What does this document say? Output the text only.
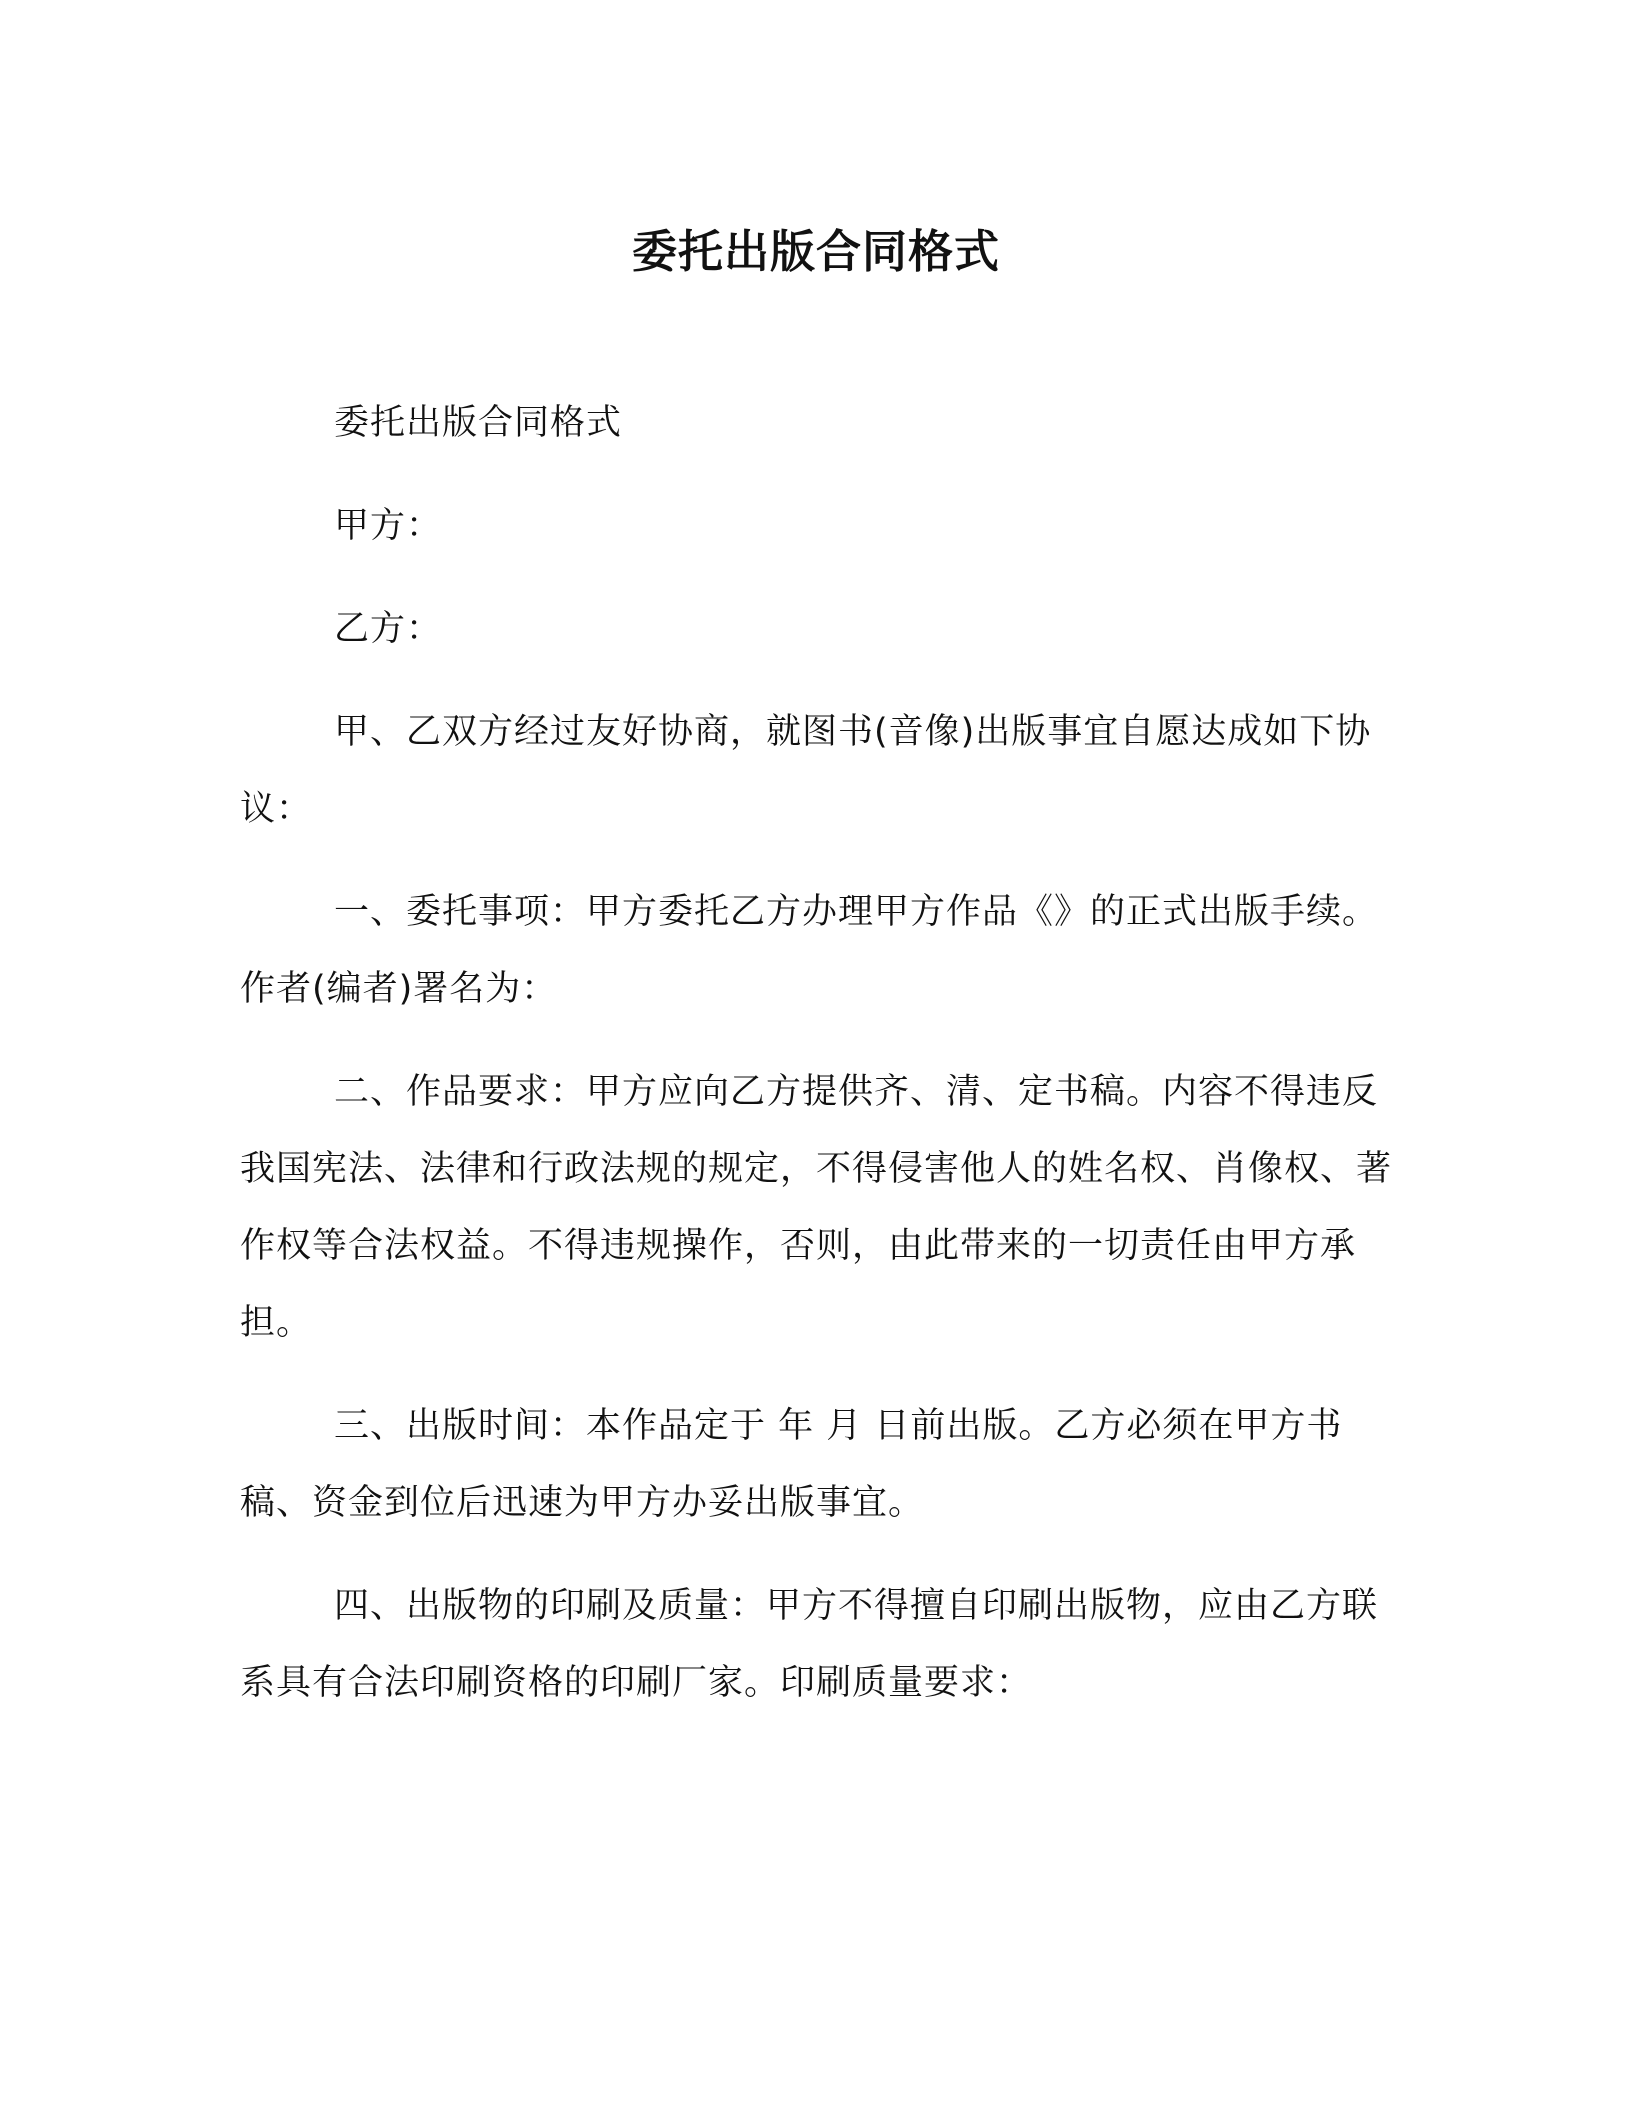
委托出版合同格式

委托出版合同格式

甲方：

乙方：

甲、乙双方经过友好协商，就图书(音像)出版事宜自愿达成如下协议：

一、委托事项：甲方委托乙方办理甲方作品《》的正式出版手续。作者(编者)署名为：

二、作品要求：甲方应向乙方提供齐、清、定书稿。内容不得违反我国宪法、法律和行政法规的规定，不得侵害他人的姓名权、肖像权、著作权等合法权益。不得违规操作，否则，由此带来的一切责任由甲方承担。

三、出版时间：本作品定于 年 月 日前出版。乙方必须在甲方书稿、资金到位后迅速为甲方办妥出版事宜。

四、出版物的印刷及质量：甲方不得擅自印刷出版物，应由乙方联系具有合法印刷资格的印刷厂家。印刷质量要求：
